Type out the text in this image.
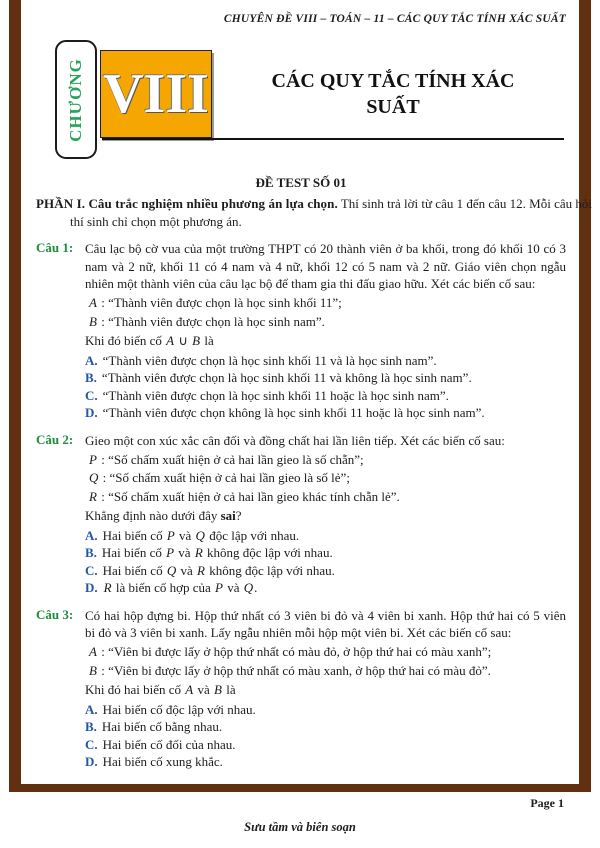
CHUYÊN ĐỀ VIII – TOÁN – 11 – CÁC QUY TẮC TÍNH XÁC SUẤT

CHƯƠNG VIII	CÁC QUY TẮC TÍNH XÁC
SUẤT

ĐỀ TEST SỐ 01

PHẦN I. Câu trắc nghiệm nhiều phương án lựa chọn. Thí sinh trả lời từ câu 1 đến câu 12. Mỗi câu hỏi thí sinh chỉ chọn một phương án.

Câu 1: Câu lạc bộ cờ vua của một trường THPT có 20 thành viên ở ba khối, trong đó khối 10 có 3 nam và 2 nữ, khối 11 có 4 nam và 4 nữ, khối 12 có 5 nam và 2 nữ. Giáo viên chọn ngẫu nhiên một thành viên của câu lạc bộ để tham gia thi đấu giao hữu. Xét các biến cố sau:

A : “Thành viên được chọn là học sinh khối 11”;

B : “Thành viên được chọn là học sinh nam”.

Khi đó biến cố A ∪ B là

A. “Thành viên được chọn là học sinh khối 11 và là học sinh nam”.

B. “Thành viên được chọn là học sinh khối 11 và không là học sinh nam”.

C. “Thành viên được chọn là học sinh khối 11 hoặc là học sinh nam”.

D. “Thành viên được chọn không là học sinh khối 11 hoặc là học sinh nam”.

Câu 2: Gieo một con xúc xắc cân đối và đồng chất hai lần liên tiếp. Xét các biến cố sau:

P : “Số chấm xuất hiện ở cả hai lần gieo là số chẵn”;

Q : “Số chấm xuất hiện ở cả hai lần gieo là số lẻ”;

R : “Số chấm xuất hiện ở cả hai lần gieo khác tính chẵn lẻ”.

Khẳng định nào dưới đây sai?

A. Hai biến cố P và Q độc lập với nhau.

B. Hai biến cố P và R không độc lập với nhau.

C. Hai biến cố Q và R không độc lập với nhau.

D. R là biến cố hợp của P và Q.

Câu 3: Có hai hộp đựng bi. Hộp thứ nhất có 3 viên bi đỏ và 4 viên bi xanh. Hộp thứ hai có 5 viên bi đỏ và 3 viên bi xanh. Lấy ngẫu nhiên mỗi hộp một viên bi. Xét các biến cố sau:

A : “Viên bi được lấy ở hộp thứ nhất có màu đỏ, ở hộp thứ hai có màu xanh”;

B : “Viên bi được lấy ở hộp thứ nhất có màu xanh, ở hộp thứ hai có màu đỏ”.

Khi đó hai biến cố A và B là

A. Hai biến cố độc lập với nhau.

B. Hai biến cố bằng nhau.

C. Hai biến cố đối của nhau.

D. Hai biến cố xung khắc.

Page 1
Sưu tầm và biên soạn
